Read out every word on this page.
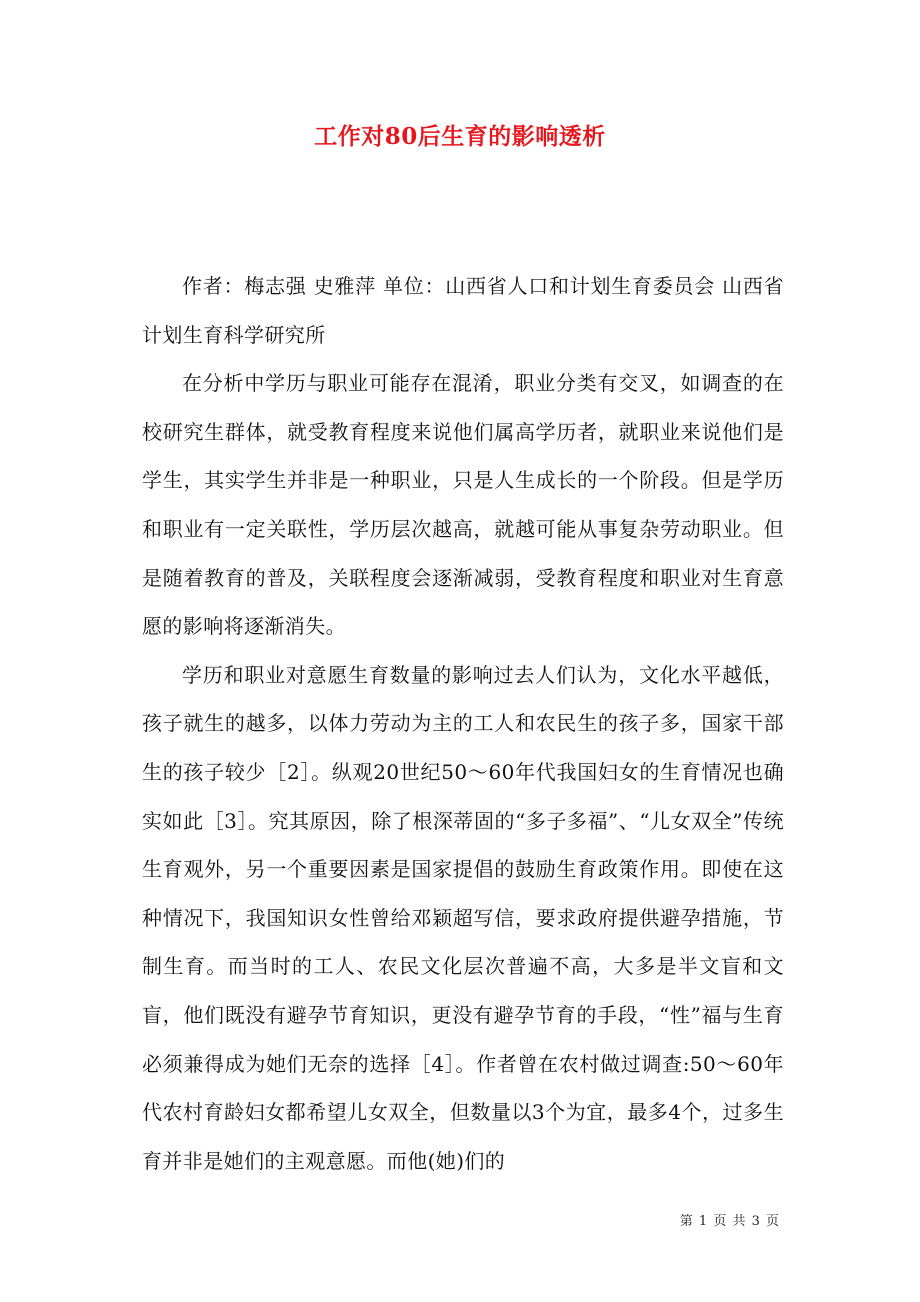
工作对80后生育的影响透析

作者：梅志强 史雅萍 单位：山西省人口和计划生育委员会 山西省计划生育科学研究所

在分析中学历与职业可能存在混淆，职业分类有交叉，如调查的在校研究生群体，就受教育程度来说他们属高学历者，就职业来说他们是学生，其实学生并非是一种职业，只是人生成长的一个阶段。但是学历和职业有一定关联性，学历层次越高，就越可能从事复杂劳动职业。但是随着教育的普及，关联程度会逐渐减弱，受教育程度和职业对生育意愿的影响将逐渐消失。

学历和职业对意愿生育数量的影响过去人们认为，文化水平越低，孩子就生的越多，以体力劳动为主的工人和农民生的孩子多，国家干部生的孩子较少［2］。纵观20世纪50～60年代我国妇女的生育情况也确实如此［3］。究其原因，除了根深蒂固的“多子多福”、“儿女双全”传统生育观外，另一个重要因素是国家提倡的鼓励生育政策作用。即使在这种情况下，我国知识女性曾给邓颖超写信，要求政府提供避孕措施，节制生育。而当时的工人、农民文化层次普遍不高，大多是半文盲和文盲，他们既没有避孕节育知识，更没有避孕节育的手段，“性”福与生育必须兼得成为她们无奈的选择［4］。作者曾在农村做过调查:50～60年代农村育龄妇女都希望儿女双全，但数量以3个为宜，最多4个，过多生育并非是她们的主观意愿。而他(她)们的

第 1 页 共 3 页
